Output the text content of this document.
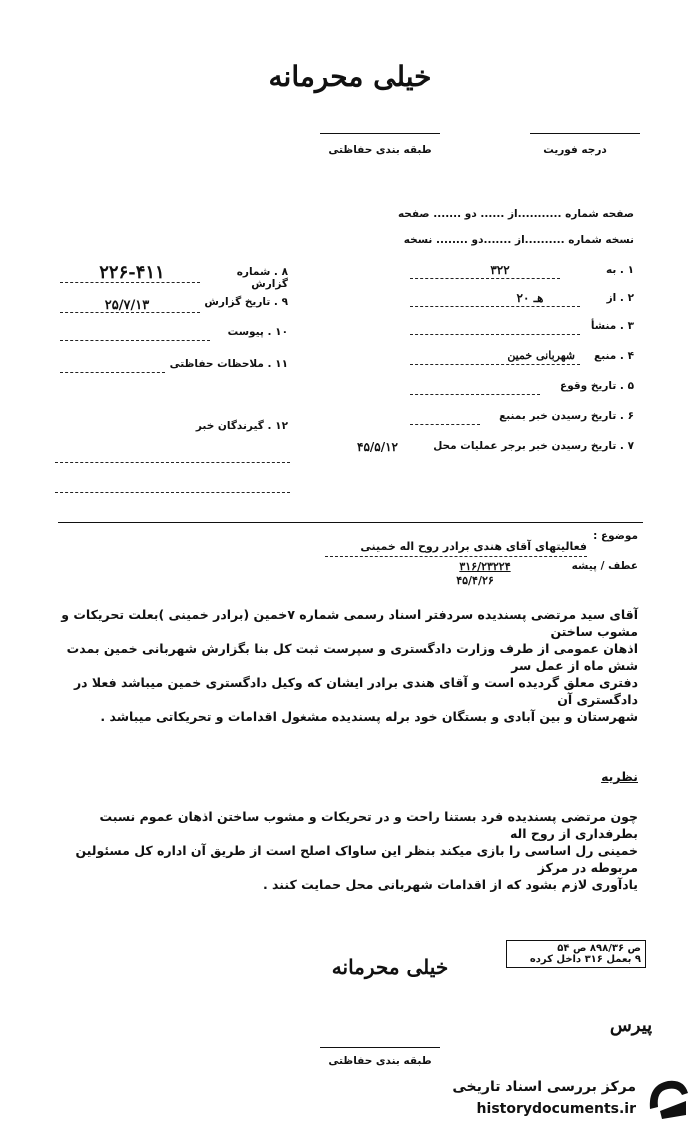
خیلی محرمانه
درجه فوریت
طبقه بندی حفاظتی
صفحه شماره ...........از ...... دو ....... صفحه
نسخه شماره ..........از .......دو ........ نسخه
۱ . به
۳۲۲
۲ . از
۲۰ هـ
۳ . منشأ
۴ . منبع
شهربانی خمین
۵ . تاریخ وقوع
۶ . تاریخ رسیدن خبر بمنبع
۷ . تاریخ رسیدن خبر برجر عملیات محل
۴۵/۵/۱۲
۸ . شماره گزارش
۲۲۶-۴۱۱
۹ . تاریخ گزارش
۲۵/۷/۱۳
۱۰ . پیوست
۱۱ . ملاحظات حفاظتی
۱۲ . گیرندگان خبر
موضوع :
فعالیتهای آقای هندی برادر روح اله خمینی
عطف / پیشه
۳۱۶/۲۳۲۲۴
۴۵/۴/۲۶
آقای سید مرتضی پسندیده سردفتر اسناد رسمی شماره ۷خمین (برادر خمینی )بعلت تحریکات و مشوب ساختن
اذهان عمومی از طرف وزارت دادگستری و سپرست ثبت کل بنا بگزارش شهربانی خمین بمدت شش ماه از عمل سر
دفتری معلق گردیده است و آقای هندی برادر ایشان که وکیل دادگستری خمین میباشد فعلا در دادگستری آن
شهرستان و بین آبادی و بستگان خود برله پسندیده مشغول اقدامات و تحریکاتی میباشد .
نظریه
چون مرتضی پسندیده فرد بستنا راحت و در تحریکات و مشوب ساختن اذهان عموم نسبت بطرفداری از روح اله
خمینی رل اساسی را بازی میکند بنظر این ساواک اصلح است از طریق آن اداره کل مسئولین مربوطه در مرکز
یادآوری لازم بشود که از اقدامات شهربانی محل حمایت کنند .
ص ۸۹۸/۳۶ ص ۵۴
۹ بعمل ۳۱۶ داخل کرده
خیلی محرمانه
پیرس
طبقه بندی حفاظتی
مرکز بررسی اسناد تاریخی
historydocuments.ir
